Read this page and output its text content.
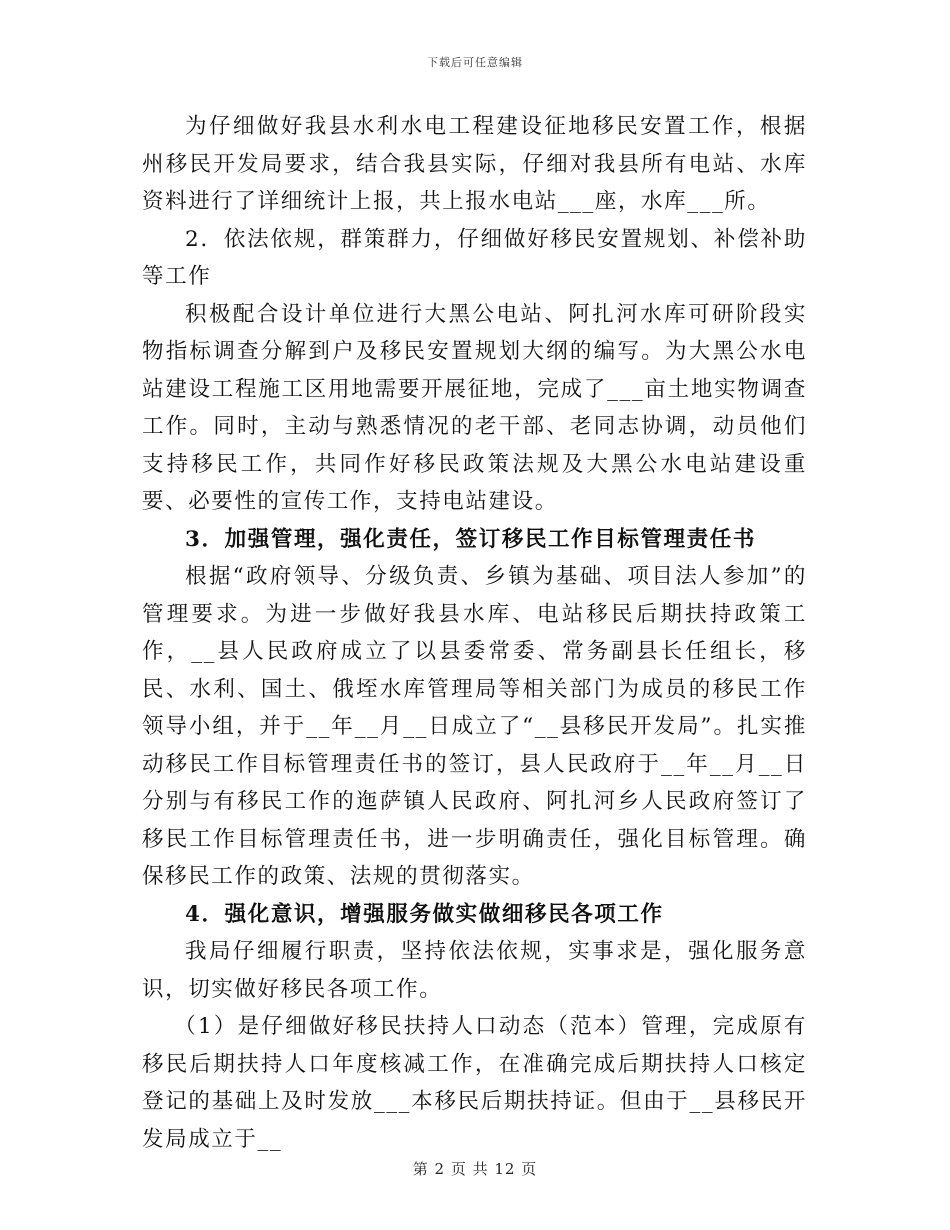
下载后可任意编辑

为仔细做好我县水利水电工程建设征地移民安置工作，根据州移民开发局要求，结合我县实际，仔细对我县所有电站、水库资料进行了详细统计上报，共上报水电站___座，水库___所。

2．依法依规，群策群力，仔细做好移民安置规划、补偿补助等工作

积极配合设计单位进行大黑公电站、阿扎河水库可研阶段实物指标调查分解到户及移民安置规划大纲的编写。为大黑公水电站建设工程施工区用地需要开展征地，完成了___亩土地实物调查工作。同时，主动与熟悉情况的老干部、老同志协调，动员他们支持移民工作，共同作好移民政策法规及大黑公水电站建设重要、必要性的宣传工作，支持电站建设。

3．加强管理，强化责任，签订移民工作目标管理责任书

根据“政府领导、分级负责、乡镇为基础、项目法人参加”的管理要求。为进一步做好我县水库、电站移民后期扶持政策工作，__县人民政府成立了以县委常委、常务副县长任组长，移民、水利、国土、俄垤水库管理局等相关部门为成员的移民工作领导小组，并于__年__月__日成立了“__县移民开发局”。扎实推动移民工作目标管理责任书的签订，县人民政府于__年__月__日分别与有移民工作的迤萨镇人民政府、阿扎河乡人民政府签订了移民工作目标管理责任书，进一步明确责任，强化目标管理。确保移民工作的政策、法规的贯彻落实。

4．强化意识，增强服务做实做细移民各项工作

我局仔细履行职责，坚持依法依规，实事求是，强化服务意识，切实做好移民各项工作。

（1）是仔细做好移民扶持人口动态（范本）管理，完成原有移民后期扶持人口年度核减工作，在准确完成后期扶持人口核定登记的基础上及时发放___本移民后期扶持证。但由于__县移民开发局成立于__

第 2 页 共 12 页
